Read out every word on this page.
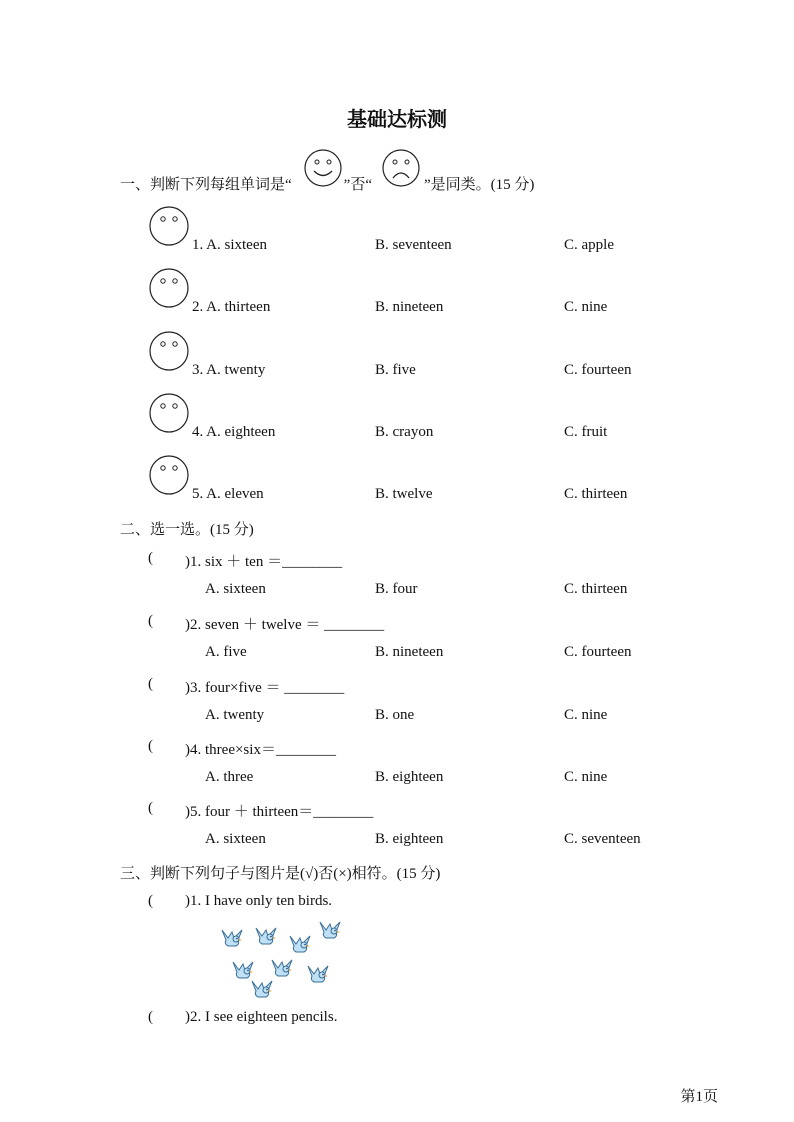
基础达标测
一、判断下列每组单词是“	”否“	”是同类。(15 分)
1. A. sixteen	B. seventeen	C. apple
2. A. thirteen	B. nineteen	C. nine
3. A. twenty	B. five	C. fourteen
4. A. eighteen	B. crayon	C. fruit
5. A. eleven	B. twelve	C. thirteen
二、选一选。(15 分)
( )1. six ＋ ten ＝________
A. sixteen	B. four	C. thirteen
( )2. seven ＋ twelve ＝ ________
A. five	B. nineteen	C. fourteen
( )3. four×five ＝ ________
A. twenty	B. one	C. nine
( )4. three×six＝________
A. three	B. eighteen	C. nine
( )5. four ＋ thirteen＝________
A. sixteen	B. eighteen	C. seventeen
三、判断下列句子与图片是(√)否(×)相符。(15 分)
( )1. I have only ten birds.
( )2. I see eighteen pencils.
第1页
